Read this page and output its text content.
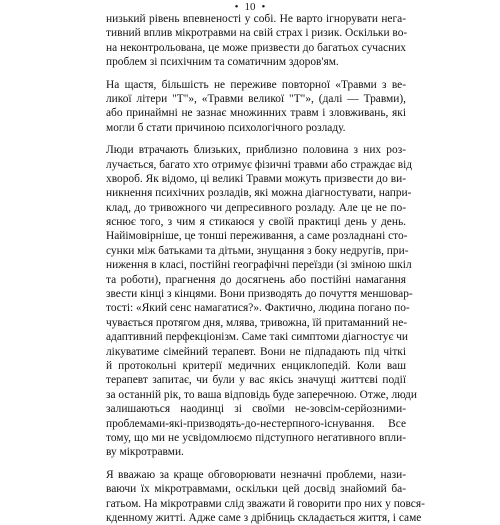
• 10 •
низький рівень впевненості у собі. Не варто ігнорувати нега-
тивний вплив мікротравми на свій страх і ризик. Оскільки во-
на неконтрольована, це може призвести до багатьох сучасних
проблем зі психічним та соматичним здоров'ям.
На щастя, більшість не переживе повторної «Травми з ве-
ликої літери "Т"», «Травми великої "Т"», (далі — Травми),
або принаймні не зазнає множинних травм і зловживань, які
могли б стати причиною психологічного розладу.
Люди втрачають близьких, приблизно половина з них роз-
лучається, багато хто отримує фізичні травми або страждає від
хвороб. Як відомо, ці великі Травми можуть призвести до ви-
никнення психічних розладів, які можна діагностувати, напри-
клад, до тривожного чи депресивного розладу. Але це не по-
яснює того, з чим я стикаюся у своїй практиці день у день.
Найімовірніше, це тонші переживання, а саме розладнані сто-
сунки між батьками та дітьми, знущання з боку недругів, при-
ниження в класі, постійні географічні переїзди (зі зміною шкіл
та роботи), прагнення до досягнень або постійні намагання
звести кінці з кінцями. Вони призводять до почуття меншовар-
тості: «Який сенс намагатися?». Фактично, людина погано по-
чувається протягом дня, млява, тривожна, їй притаманний не-
адаптивний перфекціонізм. Саме такі симптоми діагностує чи
лікуватиме сімейний терапевт. Вони не підпадають під чіткі
й протокольні критерії медичних енциклопедій. Коли ваш
терапевт запитає, чи були у вас якісь значущі життєві події
за останній рік, то ваша відповідь буде заперечною. Отже, люди
залишаються наодинці зі своїми не-зовсім-серйозними-
проблемами-які-призводять-до-нестерпного-існування. Все
тому, що ми не усвідомлюємо підступного негативного впли-
ву мікротравми.
Я вважаю за краще обговорювати незначні проблеми, нази-
ваючи їх мікротравмами, оскільки цей досвід знайомий ба-
гатьом. На мікротравми слід зважати й говорити про них у повся-
кденному житті. Адже саме з дрібниць складається життя, і саме
